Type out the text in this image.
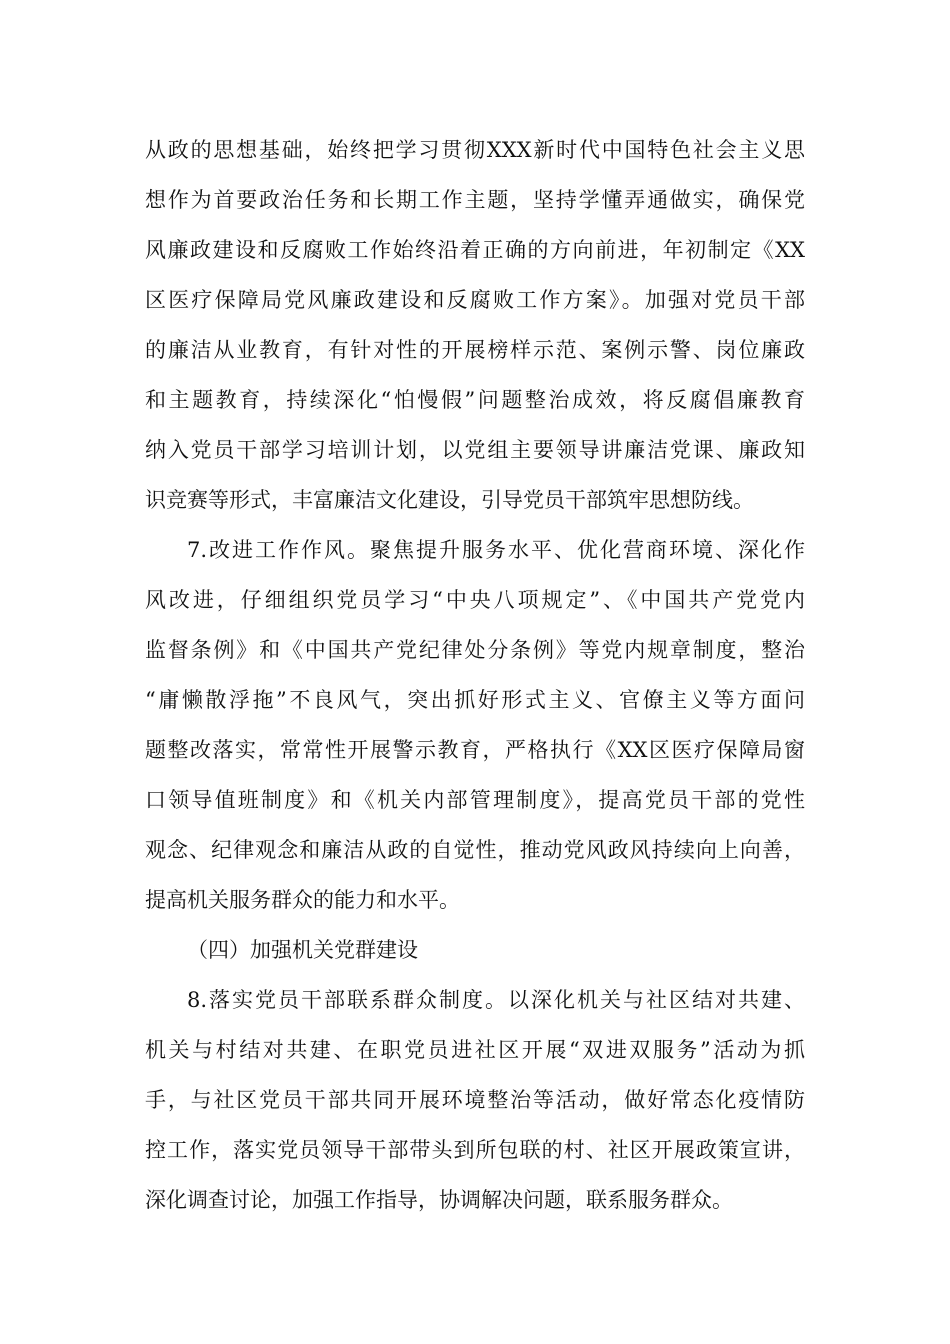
从政的思想基础，始终把学习贯彻XXX新时代中国特色社会主义思

想作为首要政治任务和长期工作主题，坚持学懂弄通做实，确保党

风廉政建设和反腐败工作始终沿着正确的方向前进，年初制定《XX

区医疗保障局党风廉政建设和反腐败工作方案》。加强对党员干部

的廉洁从业教育，有针对性的开展榜样示范、案例示警、岗位廉政

和主题教育，持续深化“怕慢假”问题整治成效，将反腐倡廉教育

纳入党员干部学习培训计划，以党组主要领导讲廉洁党课、廉政知

识竞赛等形式，丰富廉洁文化建设，引导党员干部筑牢思想防线。

7.改进工作作风。聚焦提升服务水平、优化营商环境、深化作

风改进，仔细组织党员学习“中央八项规定”、《中国共产党党内

监督条例》和《中国共产党纪律处分条例》等党内规章制度，整治

“庸懒散浮拖”不良风气，突出抓好形式主义、官僚主义等方面问

题整改落实，常常性开展警示教育，严格执行《XX区医疗保障局窗

口领导值班制度》和《机关内部管理制度》，提高党员干部的党性

观念、纪律观念和廉洁从政的自觉性，推动党风政风持续向上向善，

提高机关服务群众的能力和水平。

（四）加强机关党群建设

8.落实党员干部联系群众制度。以深化机关与社区结对共建、

机关与村结对共建、在职党员进社区开展“双进双服务”活动为抓

手，与社区党员干部共同开展环境整治等活动，做好常态化疫情防

控工作，落实党员领导干部带头到所包联的村、社区开展政策宣讲，

深化调查讨论，加强工作指导，协调解决问题，联系服务群众。
